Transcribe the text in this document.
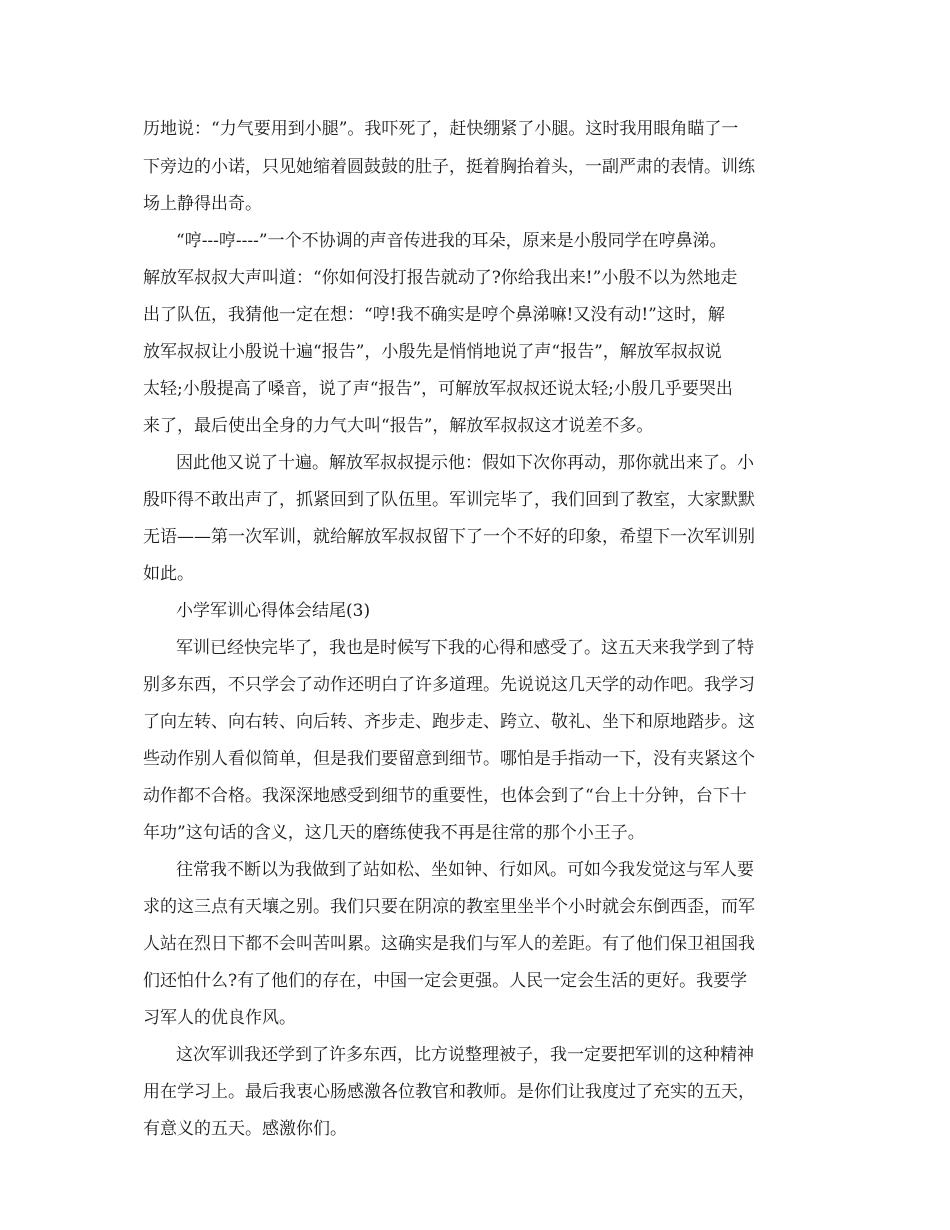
历地说：“力气要用到小腿”。我吓死了，赶快绷紧了小腿。这时我用眼角瞄了一
下旁边的小诺，只见她缩着圆鼓鼓的肚子，挺着胸抬着头，一副严肃的表情。训练
场上静得出奇。
“哼---哼----”一个不协调的声音传进我的耳朵，原来是小殷同学在哼鼻涕。
解放军叔叔大声叫道：“你如何没打报告就动了?你给我出来!”小殷不以为然地走
出了队伍，我猜他一定在想：“哼!我不确实是哼个鼻涕嘛!又没有动!”这时，解
放军叔叔让小殷说十遍“报告”，小殷先是悄悄地说了声“报告”，解放军叔叔说
太轻;小殷提高了嗓音，说了声“报告”，可解放军叔叔还说太轻;小殷几乎要哭出
来了，最后使出全身的力气大叫“报告”，解放军叔叔这才说差不多。
因此他又说了十遍。解放军叔叔提示他：假如下次你再动，那你就出来了。小
殷吓得不敢出声了，抓紧回到了队伍里。军训完毕了，我们回到了教室，大家默默
无语——第一次军训，就给解放军叔叔留下了一个不好的印象，希望下一次军训别
如此。
小学军训心得体会结尾(3)
军训已经快完毕了，我也是时候写下我的心得和感受了。这五天来我学到了特
别多东西，不只学会了动作还明白了许多道理。先说说这几天学的动作吧。我学习
了向左转、向右转、向后转、齐步走、跑步走、跨立、敬礼、坐下和原地踏步。这
些动作别人看似简单，但是我们要留意到细节。哪怕是手指动一下，没有夹紧这个
动作都不合格。我深深地感受到细节的重要性，也体会到了“台上十分钟，台下十
年功”这句话的含义，这几天的磨练使我不再是往常的那个小王子。
往常我不断以为我做到了站如松、坐如钟、行如风。可如今我发觉这与军人要
求的这三点有天壤之别。我们只要在阴凉的教室里坐半个小时就会东倒西歪，而军
人站在烈日下都不会叫苦叫累。这确实是我们与军人的差距。有了他们保卫祖国我
们还怕什么?有了他们的存在，中国一定会更强。人民一定会生活的更好。我要学
习军人的优良作风。
这次军训我还学到了许多东西，比方说整理被子，我一定要把军训的这种精神
用在学习上。最后我衷心肠感激各位教官和教师。是你们让我度过了充实的五天，
有意义的五天。感激你们。
